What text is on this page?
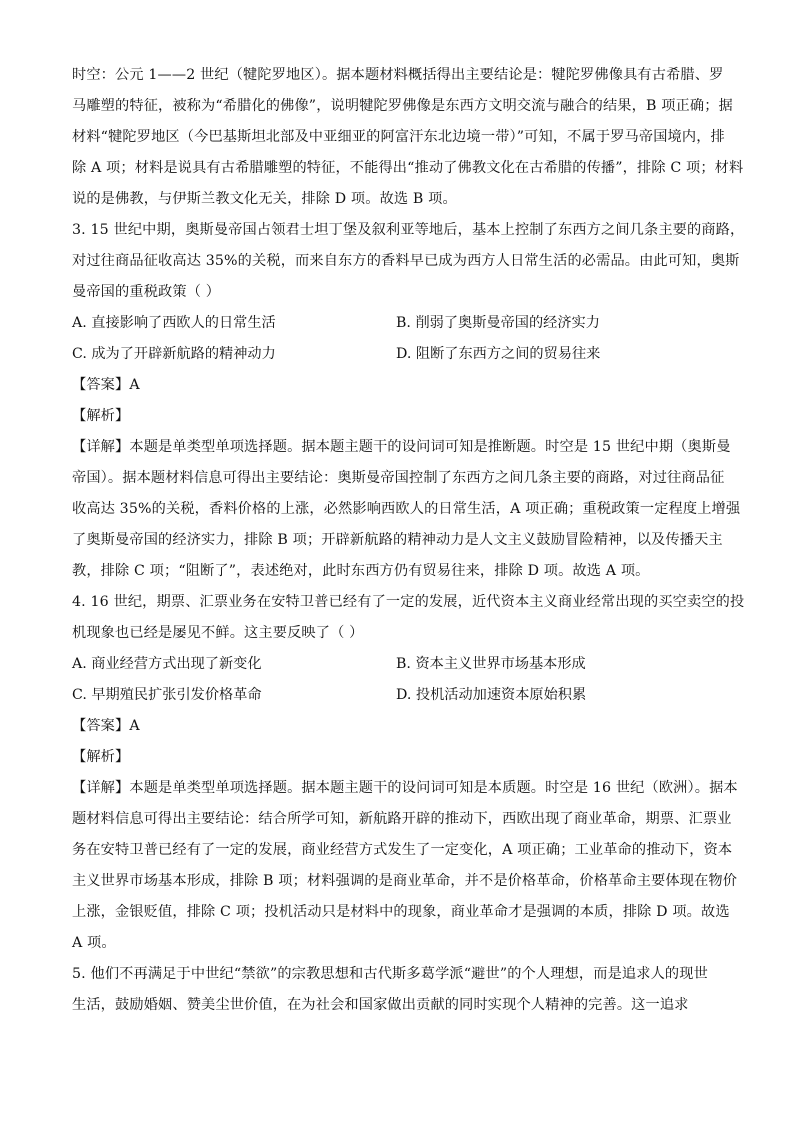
时空：公元 1——2 世纪（犍陀罗地区）。据本题材料概括得出主要结论是：犍陀罗佛像具有古希腊、罗
马雕塑的特征，被称为“希腊化的佛像”，说明犍陀罗佛像是东西方文明交流与融合的结果，B 项正确；据
材料“犍陀罗地区（今巴基斯坦北部及中亚细亚的阿富汗东北边境一带）”可知，不属于罗马帝国境内，排
除 A 项；材料是说具有古希腊雕塑的特征，不能得出“推动了佛教文化在古希腊的传播”，排除 C 项；材料
说的是佛教，与伊斯兰教文化无关，排除 D 项。故选 B 项。
3. 15 世纪中期，奥斯曼帝国占领君士坦丁堡及叙利亚等地后，基本上控制了东西方之间几条主要的商路，
对过往商品征收高达 35%的关税，而来自东方的香料早已成为西方人日常生活的必需品。由此可知，奥斯
曼帝国的重税政策（ ）
A. 直接影响了西欧人的日常生活	B. 削弱了奥斯曼帝国的经济实力
C. 成为了开辟新航路的精神动力	D. 阻断了东西方之间的贸易往来
【答案】A
【解析】
【详解】本题是单类型单项选择题。据本题主题干的设问词可知是推断题。时空是 15 世纪中期（奥斯曼
帝国）。据本题材料信息可得出主要结论：奥斯曼帝国控制了东西方之间几条主要的商路，对过往商品征
收高达 35%的关税，香料价格的上涨，必然影响西欧人的日常生活，A 项正确；重税政策一定程度上增强
了奥斯曼帝国的经济实力，排除 B 项；开辟新航路的精神动力是人文主义鼓励冒险精神，以及传播天主
教，排除 C 项；“阻断了”，表述绝对，此时东西方仍有贸易往来，排除 D 项。故选 A 项。
4. 16 世纪，期票、汇票业务在安特卫普已经有了一定的发展，近代资本主义商业经常出现的买空卖空的投
机现象也已经是屡见不鲜。这主要反映了（ ）
A. 商业经营方式出现了新变化	B. 资本主义世界市场基本形成
C. 早期殖民扩张引发价格革命	D. 投机活动加速资本原始积累
【答案】A
【解析】
【详解】本题是单类型单项选择题。据本题主题干的设问词可知是本质题。时空是 16 世纪（欧洲）。据本
题材料信息可得出主要结论：结合所学可知，新航路开辟的推动下，西欧出现了商业革命，期票、汇票业
务在安特卫普已经有了一定的发展，商业经营方式发生了一定变化，A 项正确；工业革命的推动下，资本
主义世界市场基本形成，排除 B 项；材料强调的是商业革命，并不是价格革命，价格革命主要体现在物价
上涨，金银贬值，排除 C 项；投机活动只是材料中的现象，商业革命才是强调的本质，排除 D 项。故选
A 项。
5. 他们不再满足于中世纪“禁欲”的宗教思想和古代斯多葛学派“避世”的个人理想，而是追求人的现世
生活，鼓励婚姻、赞美尘世价值，在为社会和国家做出贡献的同时实现个人精神的完善。这一追求
